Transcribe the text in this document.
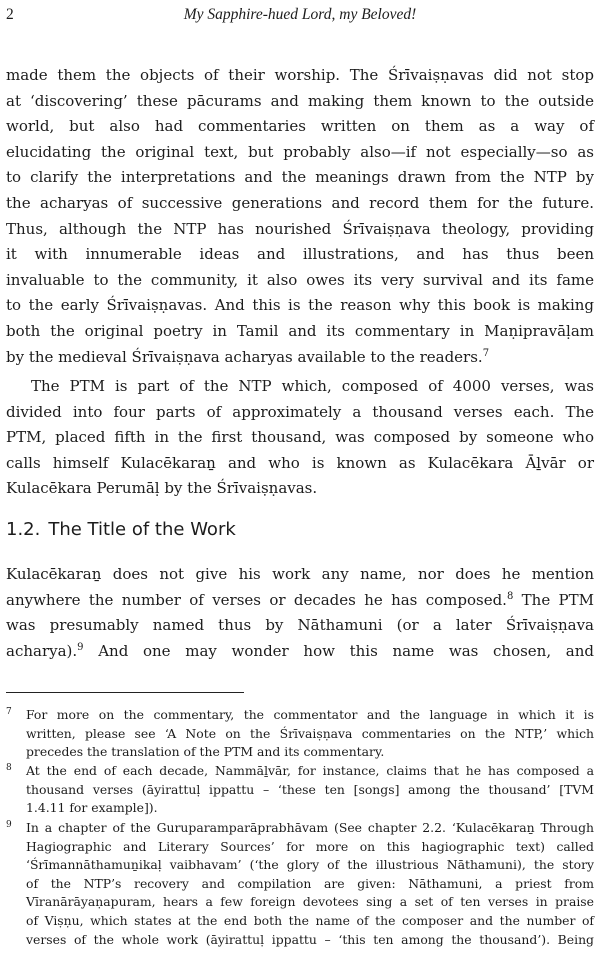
2	My Sapphire-hued Lord, my Beloved!
made them the objects of their worship. The Śrīvaiṣṇavas did not stop
at ‘discovering’ these pācurams and making them known to the outside
world, but also had commentaries written on them as a way of
elucidating the original text, but probably also—if not especially—so as
to clarify the interpretations and the meanings drawn from the NTP by
the acharyas of successive generations and record them for the future.
Thus, although the NTP has nourished Śrīvaiṣṇava theology, providing
it with innumerable ideas and illustrations, and has thus been
invaluable to the community, it also owes its very survival and its fame
to the early Śrīvaiṣṇavas. And this is the reason why this book is making
both the original poetry in Tamil and its commentary in Maṇipravāḷam
by the medieval Śrīvaiṣṇava acharyas available to the readers.$^7$
The PTM is part of the NTP which, composed of 4000 verses, was
divided into four parts of approximately a thousand verses each. The
PTM, placed fifth in the first thousand, was composed by someone who
calls himself Kulacēkaraṉ and who is known as Kulacēkara Āḻvār or
Kulacēkara Perumāḷ by the Śrīvaiṣṇavas.
1.2. The Title of the Work
Kulacēkaraṉ does not give his work any name, nor does he mention
anywhere the number of verses or decades he has composed.$^8$ The PTM
was presumably named thus by Nāthamuni (or a later Śrīvaiṣṇava
acharya).$^9$ And one may wonder how this name was chosen, and
7 For more on the commentary, the commentator and the language in which it is
written, please see ‘A Note on the Śrīvaiṣṇava commentaries on the NTP,’ which
precedes the translation of the PTM and its commentary.
8 At the end of each decade, Nammāḻvār, for instance, claims that he has composed a
thousand verses (āyirattuḷ ippattu – ‘these ten [songs] among the thousand’ [TVM
1.4.11 for example]).
9 In a chapter of the Guruparamparāprabhāvam (See chapter 2.2. ‘Kulacēkaraṉ Through
Hagiographic and Literary Sources’ for more on this hagiographic text) called
‘Śrīmannāthamuṉikaḷ vaibhavam’ (‘the glory of the illustrious Nāthamuni), the story
of the NTP’s recovery and compilation are given: Nāthamuni, a priest from
Vīranārāyaṇapuram, hears a few foreign devotees sing a set of ten verses in praise
of Viṣṇu, which states at the end both the name of the composer and the number of
verses of the whole work (āyirattuḷ ippattu – ‘this ten among the thousand’). Being
